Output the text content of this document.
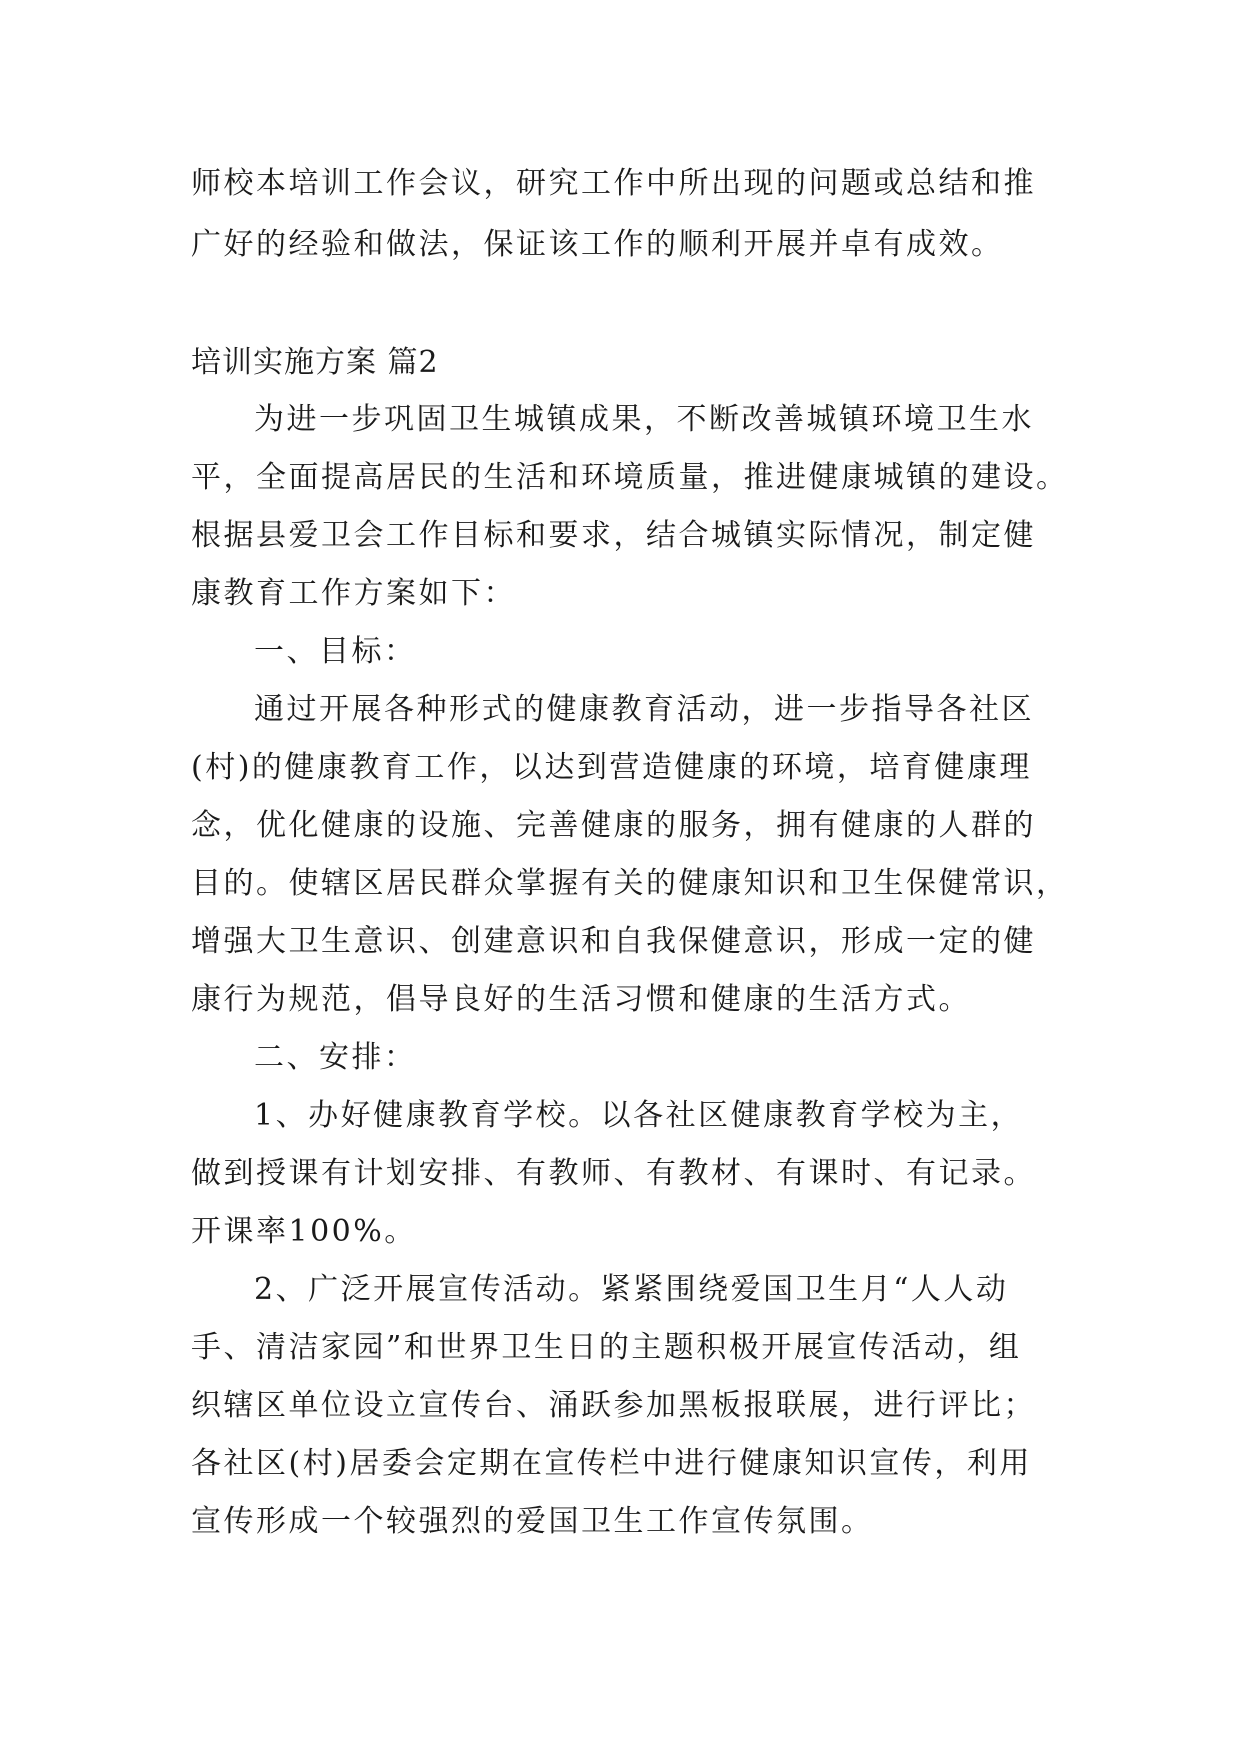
师校本培训工作会议，研究工作中所出现的问题或总结和推
广好的经验和做法，保证该工作的顺利开展并卓有成效。
培训实施方案 篇2
为进一步巩固卫生城镇成果，不断改善城镇环境卫生水
平，全面提高居民的生活和环境质量，推进健康城镇的建设。
根据县爱卫会工作目标和要求，结合城镇实际情况，制定健
康教育工作方案如下：
一、目标：
通过开展各种形式的健康教育活动，进一步指导各社区
(村)的健康教育工作，以达到营造健康的环境，培育健康理
念，优化健康的设施、完善健康的服务，拥有健康的人群的
目的。使辖区居民群众掌握有关的健康知识和卫生保健常识，
增强大卫生意识、创建意识和自我保健意识，形成一定的健
康行为规范，倡导良好的生活习惯和健康的生活方式。
二、安排：
1、办好健康教育学校。以各社区健康教育学校为主，
做到授课有计划安排、有教师、有教材、有课时、有记录。
开课率100%。
2、广泛开展宣传活动。紧紧围绕爱国卫生月“人人动
手、清洁家园”和世界卫生日的主题积极开展宣传活动，组
织辖区单位设立宣传台、涌跃参加黑板报联展，进行评比；
各社区(村)居委会定期在宣传栏中进行健康知识宣传，利用
宣传形成一个较强烈的爱国卫生工作宣传氛围。
